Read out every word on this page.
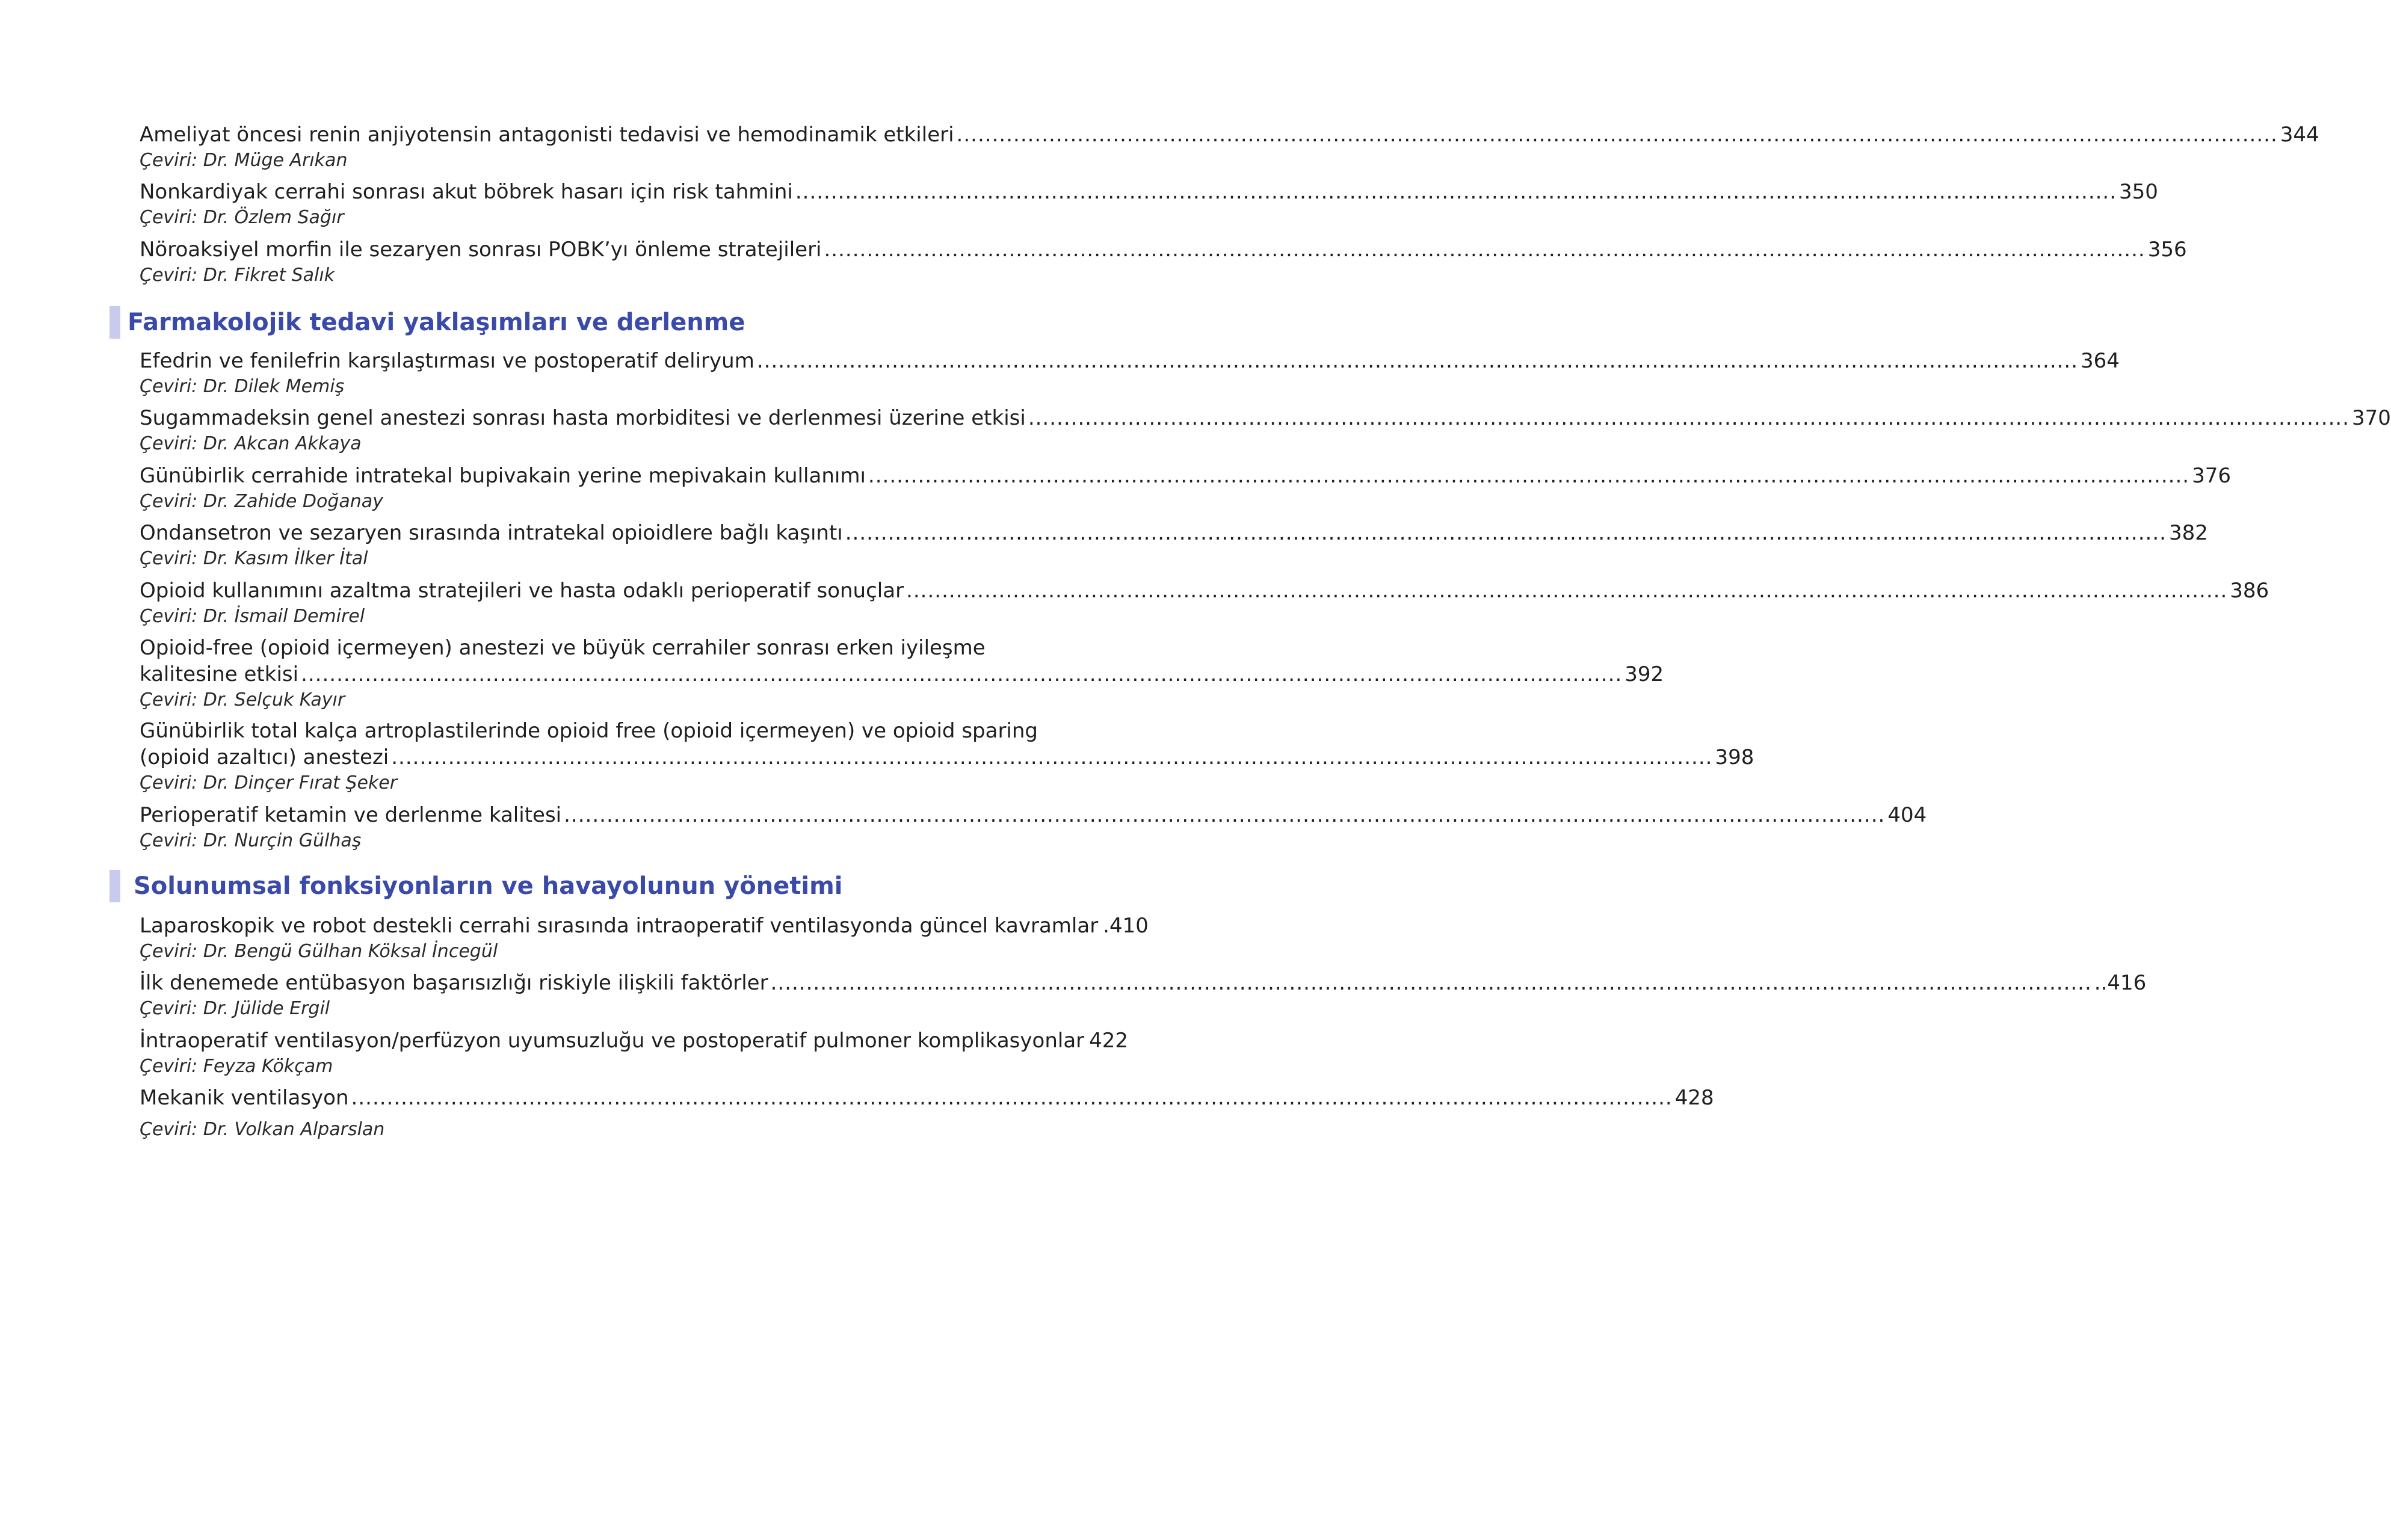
Ameliyat öncesi renin anjiyotensin antagonisti tedavisi ve hemodinamik etkileri .......................................................................................................................................................................................... 344
Çeviri: Dr. Müge Arıkan
Nonkardiyak cerrahi sonrası akut böbrek hasarı için risk tahmini .......................................................................................................................................................................................... 350
Çeviri: Dr. Özlem Sağır
Nöroaksiyel morfin ile sezaryen sonrası POBK’yı önleme stratejileri .......................................................................................................................................................................................... 356
Çeviri: Dr. Fikret Salık
Farmakolojik tedavi yaklaşımları ve derlenme
Efedrin ve fenilefrin karşılaştırması ve postoperatif deliryum .......................................................................................................................................................................................... 364
Çeviri: Dr. Dilek Memiş
Sugammadeksin genel anestezi sonrası hasta morbiditesi ve derlenmesi üzerine etkisi .......................................................................................................................................................................................... 370
Çeviri: Dr. Akcan Akkaya
Günübirlik cerrahide intratekal bupivakain yerine mepivakain kullanımı .......................................................................................................................................................................................... 376
Çeviri: Dr. Zahide Doğanay
Ondansetron ve sezaryen sırasında intratekal opioidlere bağlı kaşıntı .......................................................................................................................................................................................... 382
Çeviri: Dr. Kasım İlker İtal
Opioid kullanımını azaltma stratejileri ve hasta odaklı perioperatif sonuçlar .......................................................................................................................................................................................... 386
Çeviri: Dr. İsmail Demirel
Opioid-free (opioid içermeyen) anestezi ve büyük cerrahiler sonrası erken iyileşme
kalitesine etkisi .......................................................................................................................................................................................... 392
Çeviri: Dr. Selçuk Kayır
Günübirlik total kalça artroplastilerinde opioid free (opioid içermeyen) ve opioid sparing
(opioid azaltıcı) anestezi .......................................................................................................................................................................................... 398
Çeviri: Dr. Dinçer Fırat Şeker
Perioperatif ketamin ve derlenme kalitesi .......................................................................................................................................................................................... 404
Çeviri: Dr. Nurçin Gülhaş
Solunumsal fonksiyonların ve havayolunun yönetimi
Laparoskopik ve robot destekli cerrahi sırasında intraoperatif ventilasyonda güncel kavramlar .410
Çeviri: Dr. Bengü Gülhan Köksal İncegül
İlk denemede entübasyon başarısızlığı riskiyle ilişkili faktörler .......................................................................................................................................................................................... ..416
Çeviri: Dr. Jülide Ergil
İntraoperatif ventilasyon/perfüzyon uyumsuzluğu ve postoperatif pulmoner komplikasyonlar 422
Çeviri: Feyza Kökçam
Mekanik ventilasyon .......................................................................................................................................................................................... 428
Çeviri: Dr. Volkan Alparslan
